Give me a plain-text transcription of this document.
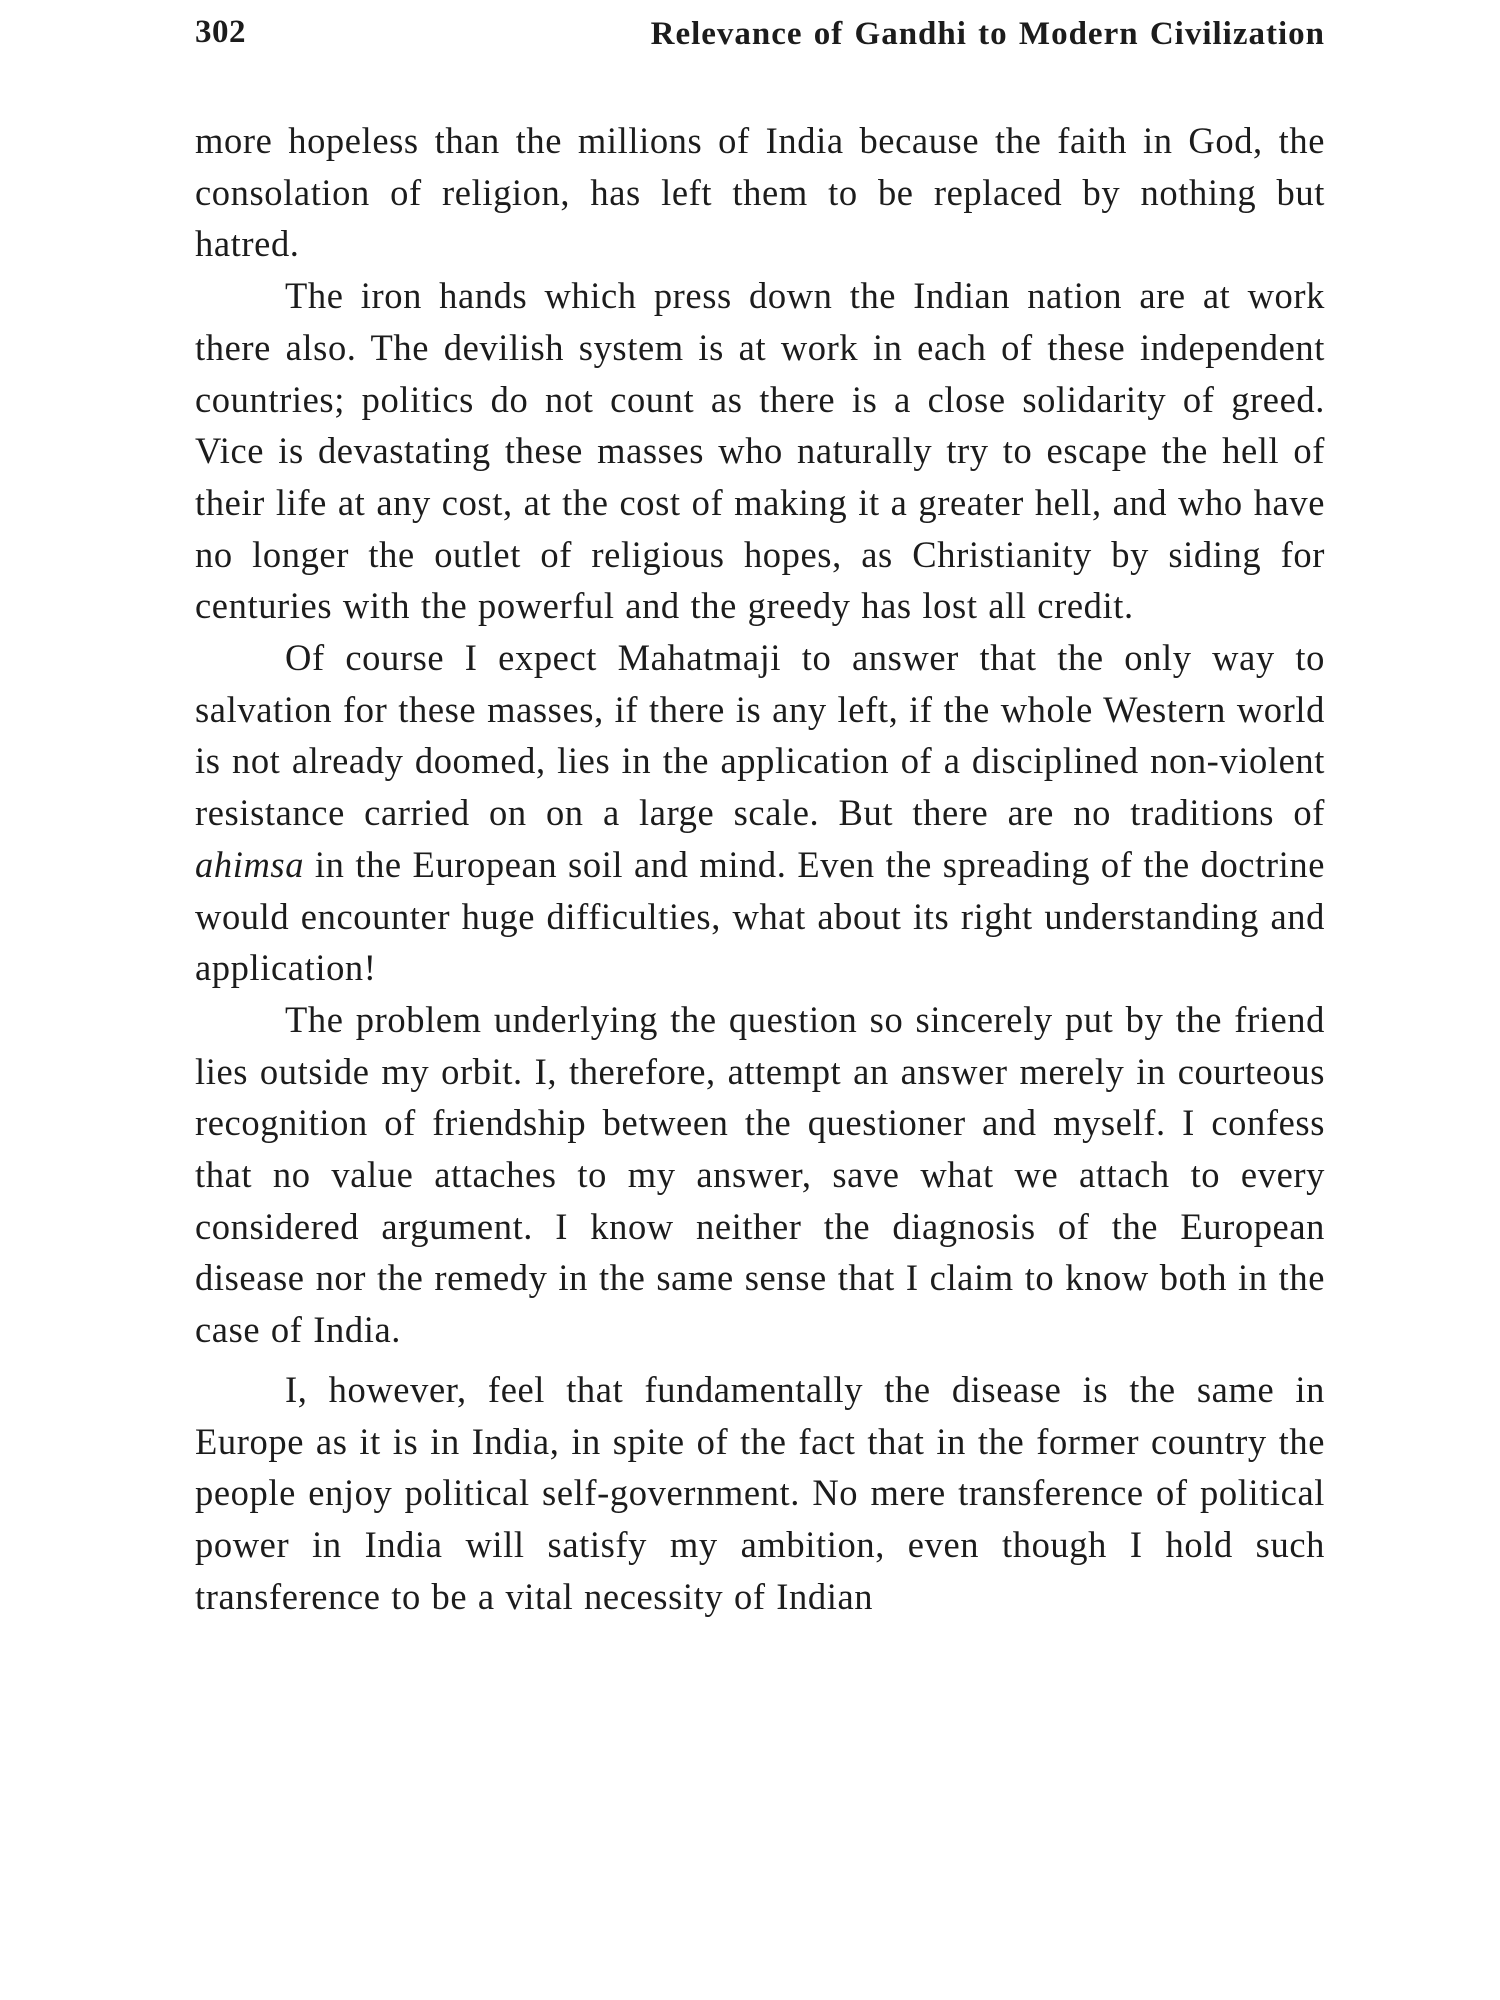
302	Relevance of Gandhi to Modern Civilization

more hopeless than the millions of India because the faith in God, the consolation of religion, has left them to be replaced by nothing but hatred.

The iron hands which press down the Indian nation are at work there also. The devilish system is at work in each of these independent countries; politics do not count as there is a close solidarity of greed. Vice is devastating these masses who naturally try to escape the hell of their life at any cost, at the cost of making it a greater hell, and who have no longer the outlet of religious hopes, as Christianity by siding for centuries with the powerful and the greedy has lost all credit.

Of course I expect Mahatmaji to answer that the only way to salvation for these masses, if there is any left, if the whole Western world is not already doomed, lies in the application of a disciplined non-violent resistance carried on on a large scale. But there are no traditions of ahimsa in the European soil and mind. Even the spreading of the doctrine would encounter huge difficulties, what about its right understanding and application!

The problem underlying the question so sincerely put by the friend lies outside my orbit. I, therefore, attempt an answer merely in courteous recognition of friendship between the questioner and myself. I confess that no value attaches to my answer, save what we attach to every considered argument. I know neither the diagnosis of the European disease nor the remedy in the same sense that I claim to know both in the case of India.

I, however, feel that fundamentally the disease is the same in Europe as it is in India, in spite of the fact that in the former country the people enjoy political self-government. No mere transference of political power in India will satisfy my ambition, even though I hold such transference to be a vital necessity of Indian
